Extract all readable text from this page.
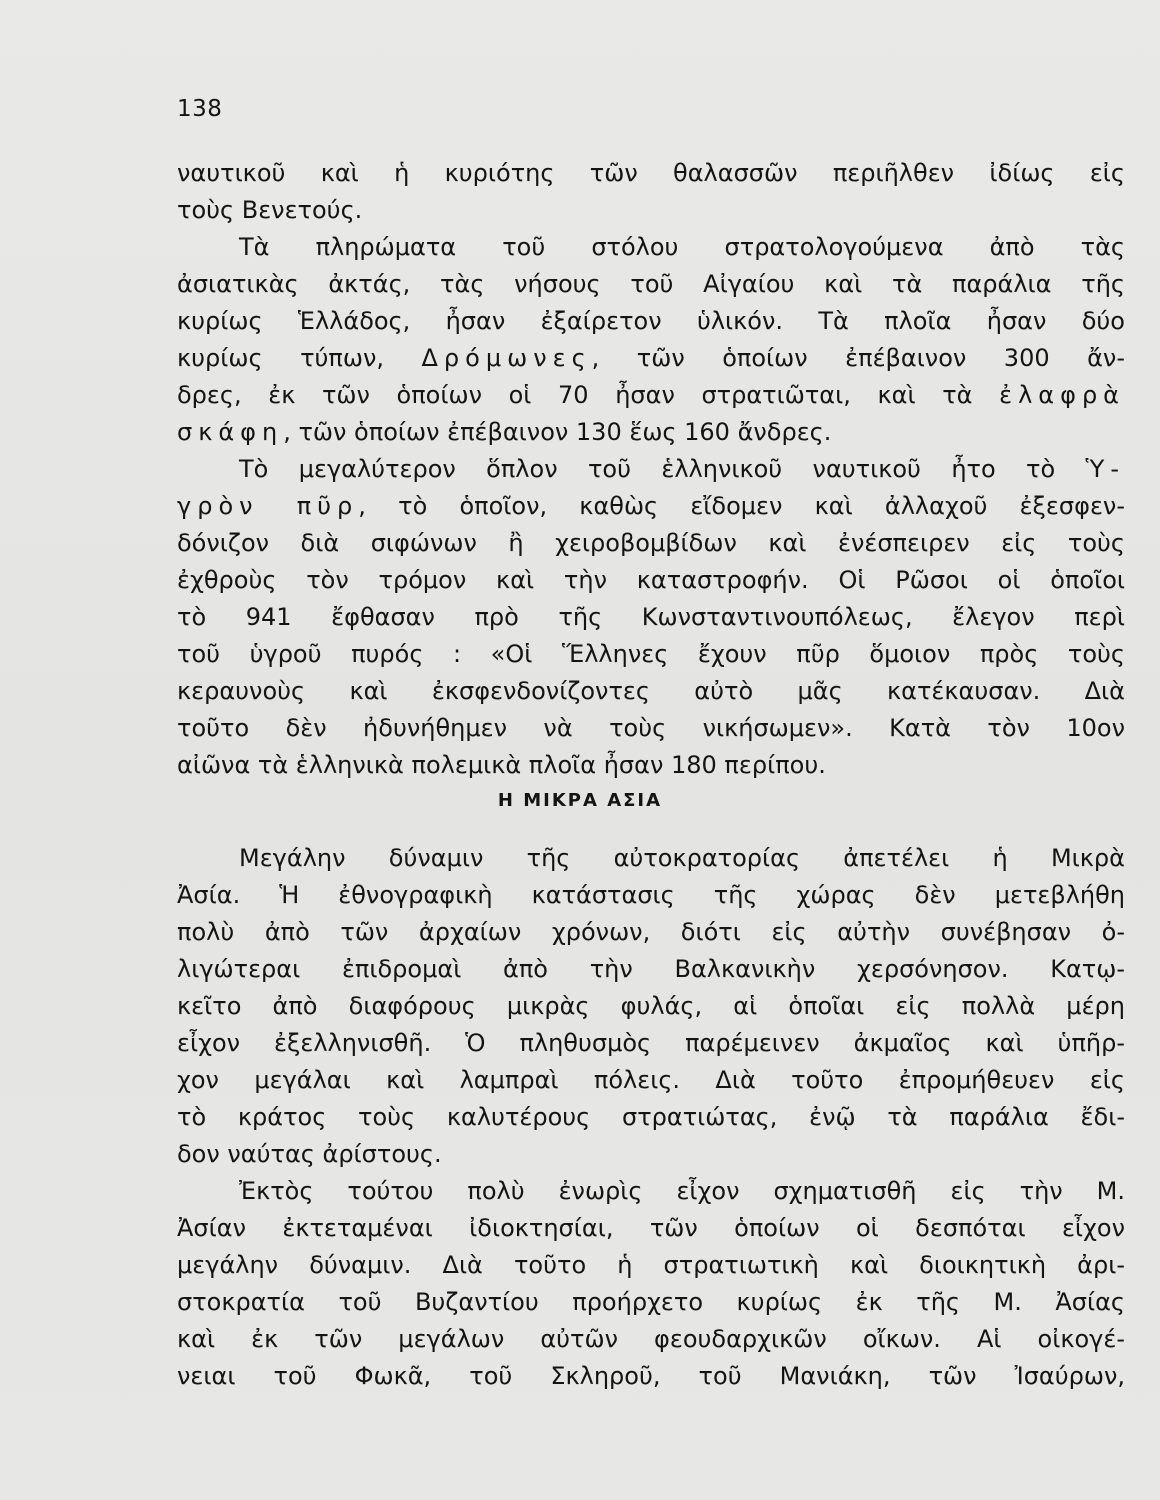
138

ναυτικοῦ καὶ ἡ κυριότης τῶν θαλασσῶν περιῆλθεν ἰδίως εἰς
τοὺς Βενετούς.
Τὰ πληρώματα τοῦ στόλου στρατολογούμενα ἀπὸ τὰς
ἀσιατικὰς ἀκτάς, τὰς νήσους τοῦ Αἰγαίου καὶ τὰ παράλια τῆς
κυρίως Ἑλλάδος, ἦσαν ἐξαίρετον ὑλικόν. Τὰ πλοῖα ἦσαν δύο
κυρίως τύπων, Δρόμωνες, τῶν ὁποίων ἐπέβαινον 300 ἄν-
δρες, ἐκ τῶν ὁποίων οἱ 70 ἦσαν στρατιῶται, καὶ τὰ ἐλαφρὰ
σκάφη, τῶν ὁποίων ἐπέβαινον 130 ἕως 160 ἄνδρες.
Τὸ μεγαλύτερον ὅπλον τοῦ ἑλληνικοῦ ναυτικοῦ ἦτο τὸ Ὑ-
γρὸν πῦρ, τὸ ὁποῖον, καθὼς εἴδομεν καὶ ἀλλαχοῦ ἐξεσφεν-
δόνιζον διὰ σιφώνων ἢ χειροβομβίδων καὶ ἐνέσπειρεν εἰς τοὺς
ἐχθροὺς τὸν τρόμον καὶ τὴν καταστροφήν. Οἱ Ρῶσοι οἱ ὁποῖοι
τὸ 941 ἔφθασαν πρὸ τῆς Κωνσταντινουπόλεως, ἔλεγον περὶ
τοῦ ὑγροῦ πυρός : «Οἱ Ἕλληνες ἔχουν πῦρ ὅμοιον πρὸς τοὺς
κεραυνοὺς καὶ ἐκσφενδονίζοντες αὐτὸ μᾶς κατέκαυσαν. Διὰ
τοῦτο δὲν ἠδυνήθημεν νὰ τοὺς νικήσωμεν». Κατὰ τὸν 10ον
αἰῶνα τὰ ἑλληνικὰ πολεμικὰ πλοῖα ἦσαν 180 περίπου.
Η ΜΙΚΡΑ ΑΣΙΑ
Μεγάλην δύναμιν τῆς αὐτοκρατορίας ἀπετέλει ἡ Μικρὰ
Ἀσία. Ἡ ἐθνογραφικὴ κατάστασις τῆς χώρας δὲν μετεβλήθη
πολὺ ἀπὸ τῶν ἀρχαίων χρόνων, διότι εἰς αὐτὴν συνέβησαν ὀ-
λιγώτεραι ἐπιδρομαὶ ἀπὸ τὴν Βαλκανικὴν χερσόνησον. Κατῳ-
κεῖτο ἀπὸ διαφόρους μικρὰς φυλάς, αἱ ὁποῖαι εἰς πολλὰ μέρη
εἶχον ἐξελληνισθῆ. Ὁ πληθυσμὸς παρέμεινεν ἀκμαῖος καὶ ὑπῆρ-
χον μεγάλαι καὶ λαμπραὶ πόλεις. Διὰ τοῦτο ἐπρομήθευεν εἰς
τὸ κράτος τοὺς καλυτέρους στρατιώτας, ἐνῷ τὰ παράλια ἔδι-
δον ναύτας ἀρίστους.
Ἐκτὸς τούτου πολὺ ἐνωρὶς εἶχον σχηματισθῆ εἰς τὴν Μ.
Ἀσίαν ἐκτεταμέναι ἰδιοκτησίαι, τῶν ὁποίων οἱ δεσπόται εἶχον
μεγάλην δύναμιν. Διὰ τοῦτο ἡ στρατιωτικὴ καὶ διοικητικὴ ἀρι-
στοκρατία τοῦ Βυζαντίου προήρχετο κυρίως ἐκ τῆς Μ. Ἀσίας
καὶ ἐκ τῶν μεγάλων αὐτῶν φεουδαρχικῶν οἴκων. Αἱ οἰκογέ-
νειαι τοῦ Φωκᾶ, τοῦ Σκληροῦ, τοῦ Μανιάκη, τῶν Ἰσαύρων,
